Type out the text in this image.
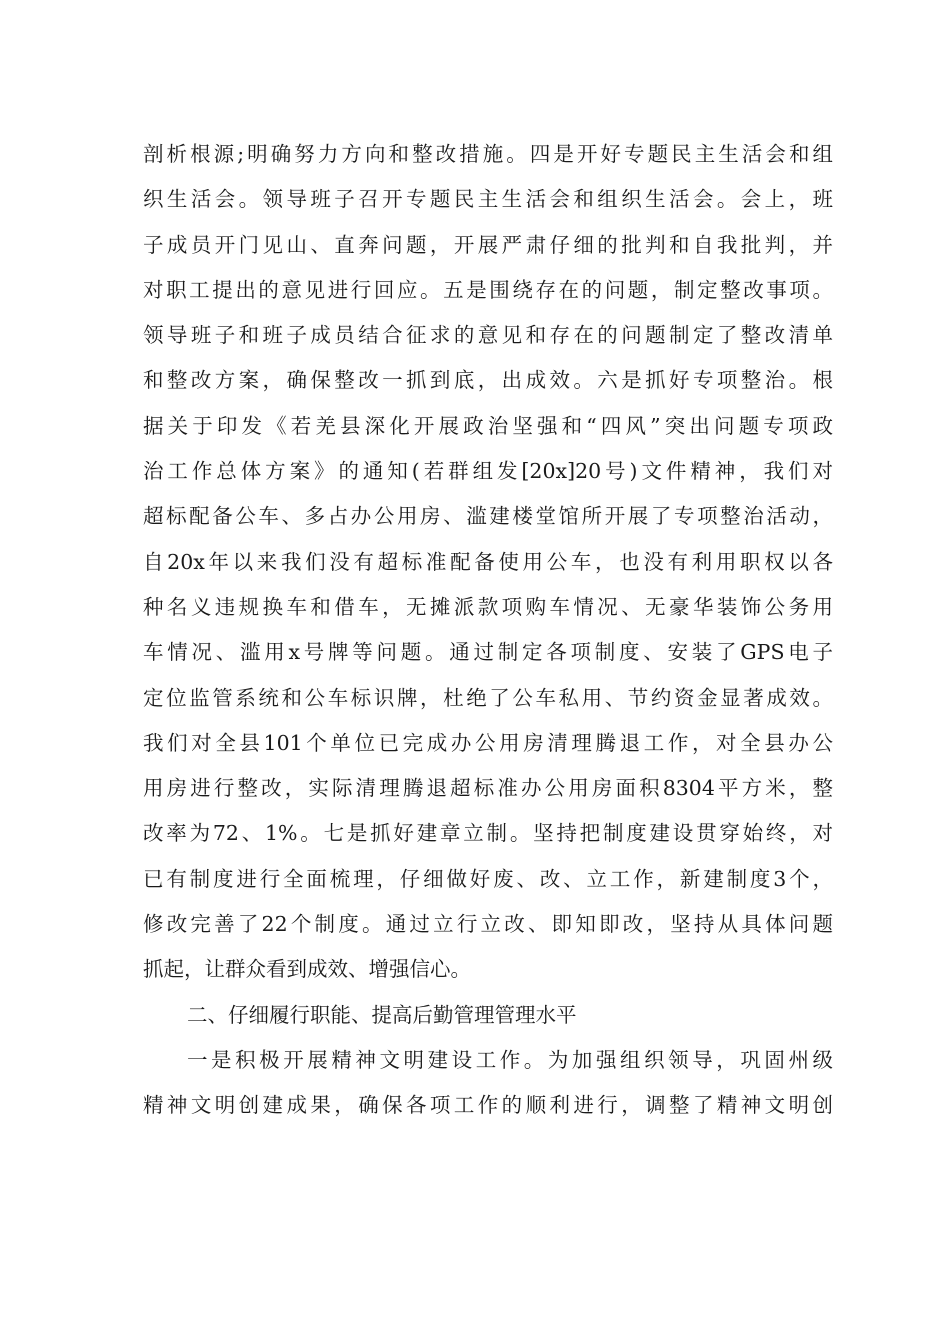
剖析根源;明确努力方向和整改措施。四是开好专题民主生活会和组
织生活会。领导班子召开专题民主生活会和组织生活会。会上，班
子成员开门见山、直奔问题，开展严肃仔细的批判和自我批判，并
对职工提出的意见进行回应。五是围绕存在的问题，制定整改事项。
领导班子和班子成员结合征求的意见和存在的问题制定了整改清单
和整改方案，确保整改一抓到底，出成效。六是抓好专项整治。根
据关于印发《若羌县深化开展政治坚强和“四风”突出问题专项政
治工作总体方案》的通知(若群组发[20x]20号)文件精神，我们对
超标配备公车、多占办公用房、滥建楼堂馆所开展了专项整治活动，
自20x年以来我们没有超标准配备使用公车，也没有利用职权以各
种名义违规换车和借车，无摊派款项购车情况、无豪华装饰公务用
车情况、滥用x号牌等问题。通过制定各项制度、安装了GPS电子
定位监管系统和公车标识牌，杜绝了公车私用、节约资金显著成效。
我们对全县101个单位已完成办公用房清理腾退工作，对全县办公
用房进行整改，实际清理腾退超标准办公用房面积8304平方米，整
改率为72、1%。七是抓好建章立制。坚持把制度建设贯穿始终，对
已有制度进行全面梳理，仔细做好废、改、立工作，新建制度3个，
修改完善了22个制度。通过立行立改、即知即改，坚持从具体问题
抓起，让群众看到成效、增强信心。
二、仔细履行职能、提高后勤管理管理水平
一是积极开展精神文明建设工作。为加强组织领导，巩固州级
精神文明创建成果，确保各项工作的顺利进行，调整了精神文明创
